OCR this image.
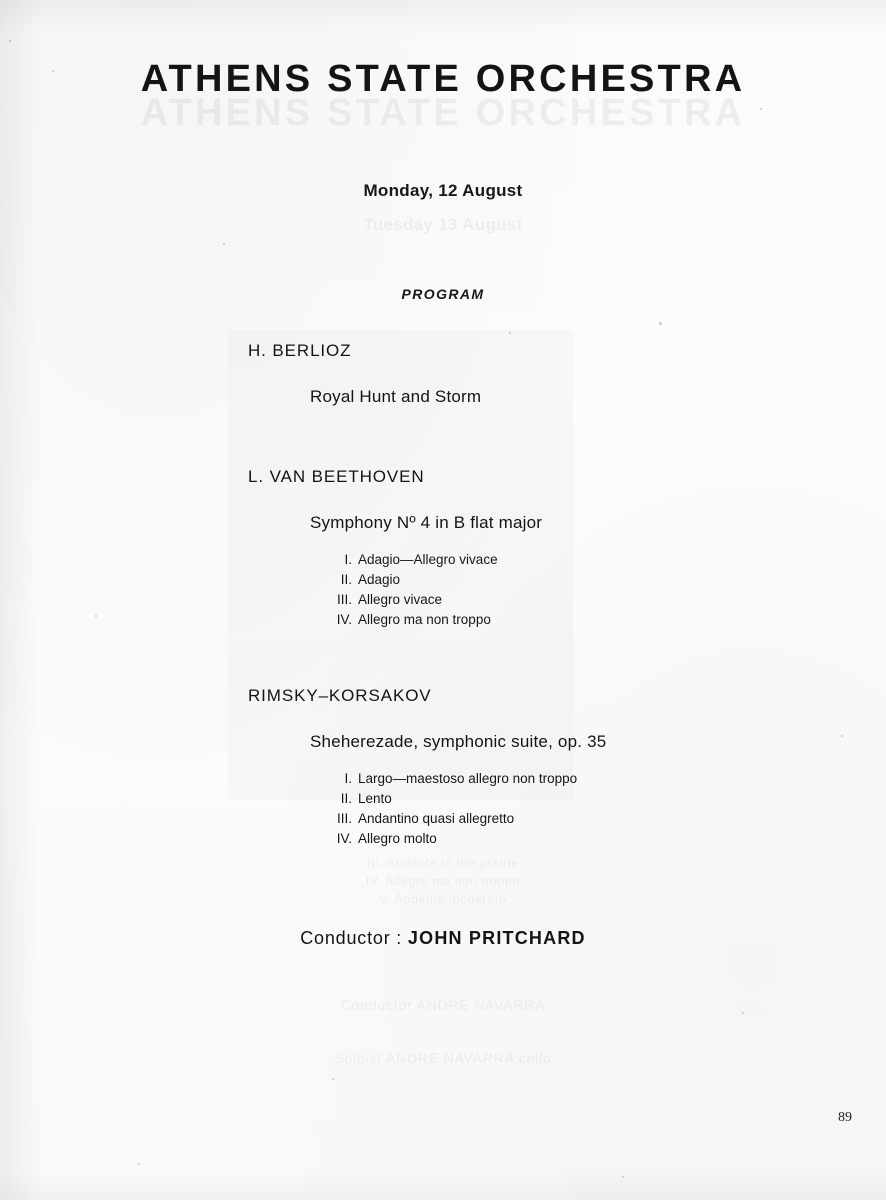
ATHENS STATE ORCHESTRA
ATHENS STATE ORCHESTRA
Monday, 12 August
Tuesday 13 August
PROGRAM
H. BERLIOZ
Royal Hunt and Storm
L. VAN BEETHOVEN
Symphony Nº 4 in B flat major
I. Adagio—Allegro vivace
II. Adagio
III. Allegro vivace
IV. Allegro ma non troppo
RIMSKY–KORSAKOV
Sheherezade, symphonic suite, op. 35
I. Largo—maestoso allegro non troppo
II. Lento
III. Andantino quasi allegretto
IV. Allegro molto
III. Andante in the prairie
IV. Allegro ma non troppo
V. Andante moderato
Conductor : JOHN PRITCHARD
Conductor ANDRE NAVARRA
Soloist ANDRE NAVARRA cello
89
